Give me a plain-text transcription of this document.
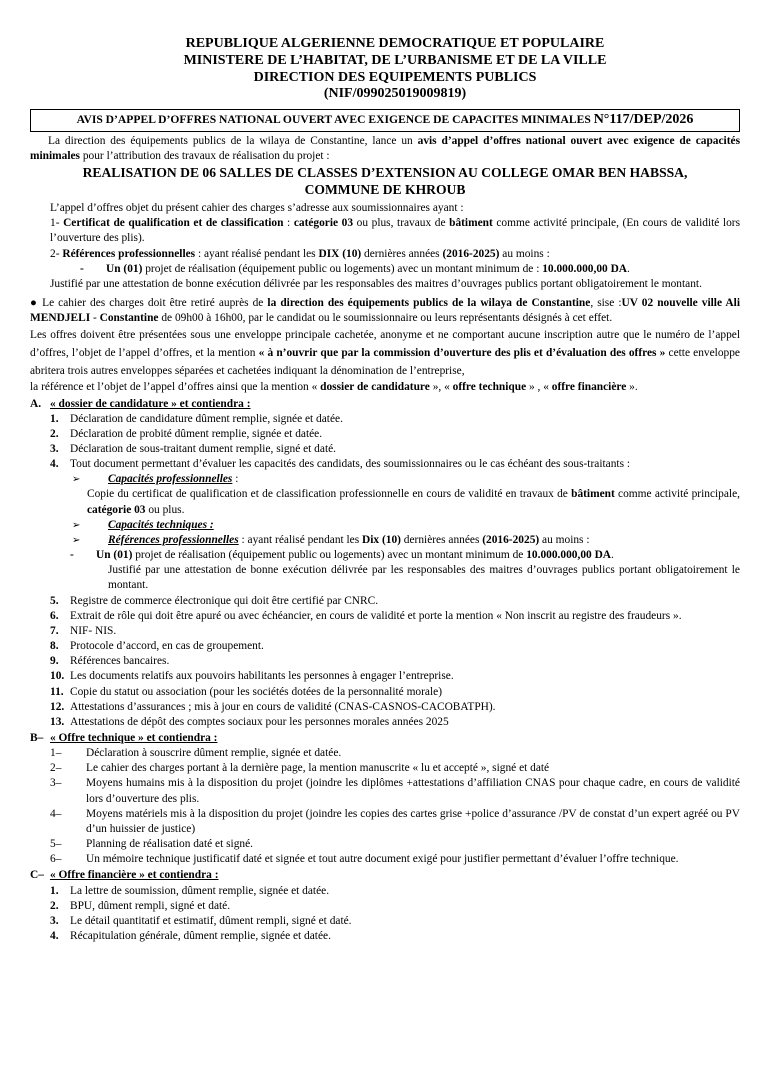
REPUBLIQUE ALGERIENNE DEMOCRATIQUE ET POPULAIRE
MINISTERE DE L’HABITAT, DE L’URBANISME ET DE LA VILLE
DIRECTION DES EQUIPEMENTS PUBLICS
(NIF/099025019009819)
AVIS D’APPEL D’OFFRES NATIONAL OUVERT AVEC EXIGENCE DE CAPACITES MINIMALES N°117/DEP/2026

La direction des équipements publics de la wilaya de Constantine, lance un avis d’appel d’offres national ouvert avec exigence de capacités minimales pour l’attribution des travaux de réalisation du projet :

REALISATION DE 06 SALLES DE CLASSES D’EXTENSION AU COLLEGE OMAR BEN HABSSA,
COMMUNE DE KHROUB
L’appel d’offres objet du présent cahier des charges s’adresse aux soumissionnaires ayant :
1- Certificat de qualification et de classification : catégorie 03 ou plus, travaux de bâtiment comme activité principale, (En cours de validité lors l’ouverture des plis).
2- Références professionnelles : ayant réalisé pendant les DIX (10) dernières années (2016-2025) au moins :
-	Un (01) projet de réalisation (équipement public ou logements) avec un montant minimum de : 10.000.000,00 DA.
Justifié par une attestation de bonne exécution délivrée par les responsables des maitres d’ouvrages publics portant obligatoirement le montant.

● Le cahier des charges doit être retiré auprès de la direction des équipements publics de la wilaya de Constantine, sise :UV 02 nouvelle ville Ali MENDJELI - Constantine de 09h00 à 16h00, par le candidat ou le soumissionnaire ou leurs représentants désignés à cet effet.

Les offres doivent être présentées sous une enveloppe principale cachetée, anonyme et ne comportant aucune inscription autre que le numéro de l’appel d’offres, l’objet de l’appel d’offres, et la mention « à n’ouvrir que par la commission d’ouverture des plis et d’évaluation des offres » cette enveloppe abritera trois autres enveloppes séparées et cachetées indiquant la dénomination de l’entreprise,

la référence et l’objet de l’appel d’offres ainsi que la mention « dossier de candidature », « offre technique » , « offre financière ».

A. « dossier de candidature » et contiendra :
1.	Déclaration de candidature dûment remplie, signée et datée.
2.	Déclaration de probité dûment remplie, signée et datée.
3.	Déclaration de sous-traitant dument remplie, signé et daté.
4.	Tout document permettant d’évaluer les capacités des candidats, des soumissionnaires ou le cas échéant des sous-traitants :
➢	Capacités professionnelles :
Copie du certificat de qualification et de classification professionnelle en cours de validité en travaux de bâtiment comme activité principale, catégorie 03 ou plus.
➢	Capacités techniques :
➢	Références professionnelles : ayant réalisé pendant les Dix (10) dernières années (2016-2025) au moins :
-	Un (01) projet de réalisation (équipement public ou logements) avec un montant minimum de 10.000.000,00 DA.
Justifié par une attestation de bonne exécution délivrée par les responsables des maitres d’ouvrages publics portant obligatoirement le montant.
5.	Registre de commerce électronique qui doit être certifié par CNRC.
6.	Extrait de rôle qui doit être apuré ou avec échéancier, en cours de validité et porte la mention « Non inscrit au registre des fraudeurs ».
7.	NIF- NIS.
8.	Protocole d’accord, en cas de groupement.
9.	Références bancaires.
10. Les documents relatifs aux pouvoirs habilitants les personnes à engager l’entreprise.
11. Copie du statut ou association (pour les sociétés dotées de la personnalité morale)
12. Attestations d’assurances ; mis à jour en cours de validité (CNAS-CASNOS-CACOBATPH).
13. Attestations de dépôt des comptes sociaux pour les personnes morales années 2025
B– « Offre technique » et contiendra :
1–	Déclaration à souscrire dûment remplie, signée et datée.
2–	Le cahier des charges portant à la dernière page, la mention manuscrite « lu et accepté », signé et daté
3–	Moyens humains mis à la disposition du projet (joindre les diplômes +attestations d’affiliation CNAS pour chaque cadre, en cours de validité lors d’ouverture des plis.
4–	Moyens matériels mis à la disposition du projet (joindre les copies des cartes grise +police d’assurance /PV de constat d’un expert agréé ou PV d’un huissier de justice)
5–	Planning de réalisation daté et signé.
6–	Un mémoire technique justificatif daté et signée et tout autre document exigé pour justifier permettant d’évaluer l’offre technique.
C– « Offre financière » et contiendra :
1.	La lettre de soumission, dûment remplie, signée et datée.
2.	BPU, dûment rempli, signé et daté.
3.	Le détail quantitatif et estimatif, dûment rempli, signé et daté.
4.	Récapitulation générale, dûment remplie, signée et datée.
